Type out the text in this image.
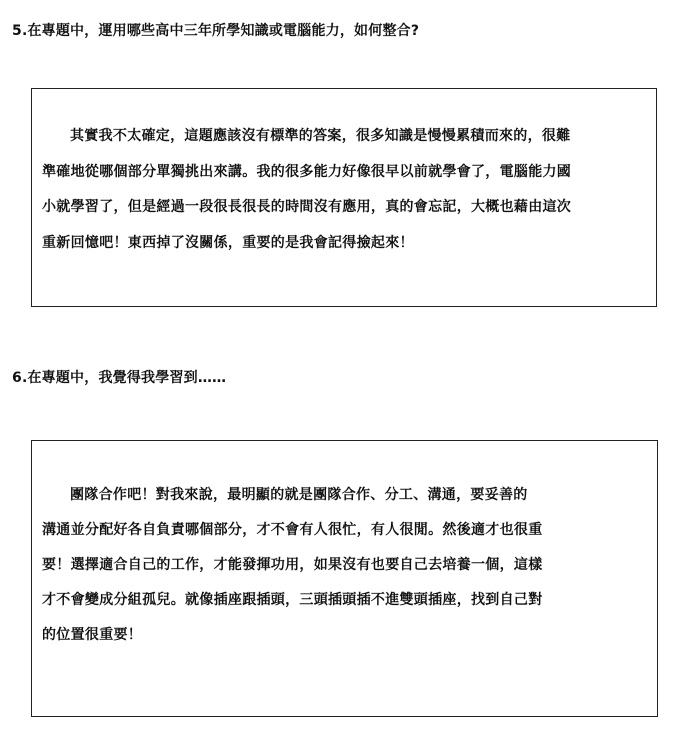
5.在專題中，運用哪些高中三年所學知識或電腦能力，如何整合?
其實我不太確定，這題應該沒有標準的答案，很多知識是慢慢累積而來的，很難
準確地從哪個部分單獨挑出來講。我的很多能力好像很早以前就學會了，電腦能力國
小就學習了，但是經過一段很長很長的時間沒有應用，真的會忘記，大概也藉由這次
重新回憶吧！東西掉了沒關係，重要的是我會記得撿起來！
6.在專題中，我覺得我學習到……
團隊合作吧！對我來說，最明顯的就是團隊合作、分工、溝通，要妥善的
溝通並分配好各自負責哪個部分，才不會有人很忙，有人很閒。然後適才也很重
要！選擇適合自己的工作，才能發揮功用，如果沒有也要自己去培養一個，這樣
才不會變成分組孤兒。就像插座跟插頭，三頭插頭插不進雙頭插座，找到自己對
的位置很重要！
